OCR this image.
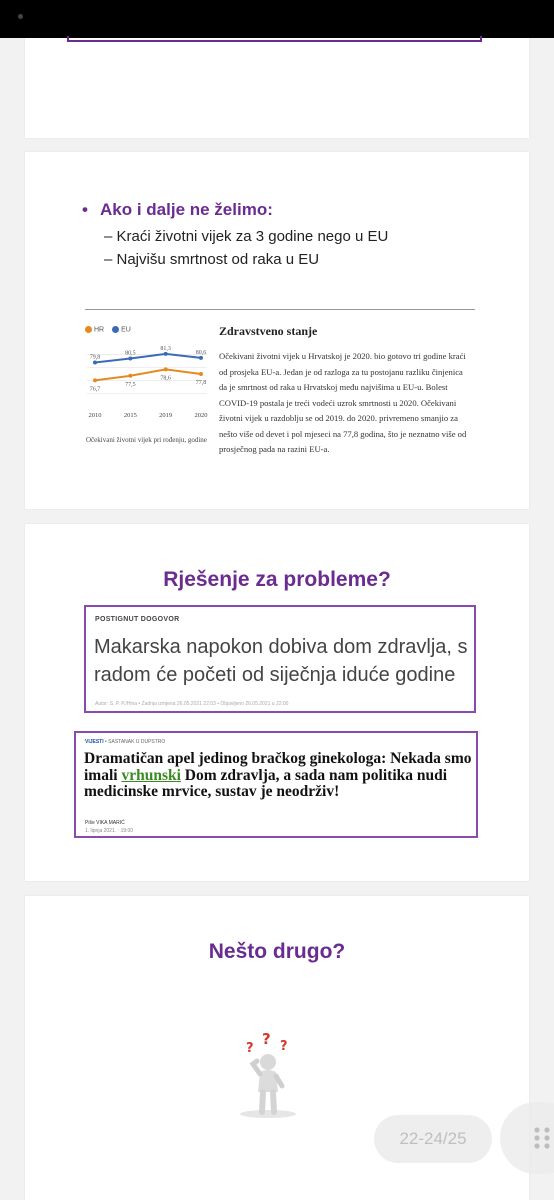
• Ako i dalje ne želimo:
– Kraći životni vijek za 3 godine nego u EU
– Najvišu smrtnost od raka u EU
HR	EU
76,7
77,5
78,6
77,8
79,8
80,5
81,3
80,6
2010	2015	2019	2020
Očekivani životni vijek pri rođenju, godine
Zdravstveno stanje
Očekivani životni vijek u Hrvatskoj je 2020. bio gotovo tri godine kraći od prosjeka EU-a. Jedan je od razloga za tu postojanu razliku činjenica da je smrtnost od raka u Hrvatskoj među najvišima u EU-u. Bolest COVID-19 postala je treći vodeći uzrok smrtnosti u 2020. Očekivani životni vijek u razdoblju se od 2019. do 2020. privremeno smanjio za nešto više od devet i pol mjeseci na 77,8 godina, što je neznatno više od prosječnog pada na razini EU-a.
Rješenje za probleme?
POSTIGNUT DOGOVOR
Makarska napokon dobiva dom zdravlja, s radom će početi od siječnja iduće godine
Autor: S. P. P./Hina • Zadnja izmjena 26.05.2021 22:03 • Objavljeno 26.05.2021 u 22:00
VIJESTI • SASTANAK U DUPSTRO
Dramatičan apel jedinog bračkog ginekologa: Nekada smo imali vrhunski Dom zdravlja, a sada nam politika nudi medicinske mrvice, sustav je neodrživ!
Piše VIKA MARIĆ
1. lipnja 2021. · 19:00
Nešto drugo?
?
? ?
22-24/25
